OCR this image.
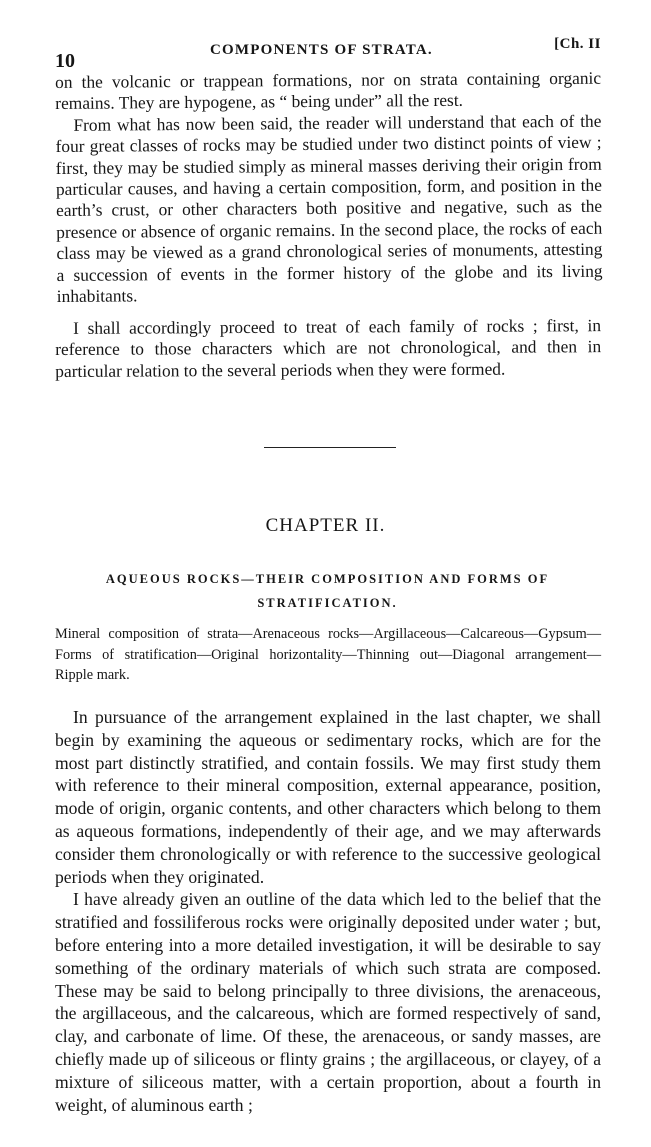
10	COMPONENTS OF STRATA.	[Ch. II

on the volcanic or trappean formations, nor on strata containing organic remains. They are hypogene, as “ being under” all the rest.

From what has now been said, the reader will understand that each of the four great classes of rocks may be studied under two distinct points of view ; first, they may be studied simply as mineral masses deriving their origin from particular causes, and having a certain composition, form, and position in the earth’s crust, or other characters both positive and negative, such as the presence or absence of organic remains. In the second place, the rocks of each class may be viewed as a grand chronological series of monuments, attesting a succession of events in the former history of the globe and its living inhabitants.

I shall accordingly proceed to treat of each family of rocks ; first, in reference to those characters which are not chronological, and then in particular relation to the several periods when they were formed.

CHAPTER II.
AQUEOUS ROCKS—THEIR COMPOSITION AND FORMS OF STRATIFICATION.

Mineral composition of strata—Arenaceous rocks—Argillaceous—Calcareous—Gypsum—Forms of stratification—Original horizontality—Thinning out—Diagonal arrangement—Ripple mark.

In pursuance of the arrangement explained in the last chapter, we shall begin by examining the aqueous or sedimentary rocks, which are for the most part distinctly stratified, and contain fossils. We may first study them with reference to their mineral composition, external appearance, position, mode of origin, organic contents, and other characters which belong to them as aqueous formations, independently of their age, and we may afterwards consider them chronologically or with reference to the successive geological periods when they originated.

I have already given an outline of the data which led to the belief that the stratified and fossiliferous rocks were originally deposited under water ; but, before entering into a more detailed investigation, it will be desirable to say something of the ordinary materials of which such strata are composed. These may be said to belong principally to three divisions, the arenaceous, the argillaceous, and the calcareous, which are formed respectively of sand, clay, and carbonate of lime. Of these, the arenaceous, or sandy masses, are chiefly made up of siliceous or flinty grains ; the argillaceous, or clayey, of a mixture of siliceous matter, with a certain proportion, about a fourth in weight, of aluminous earth ;
